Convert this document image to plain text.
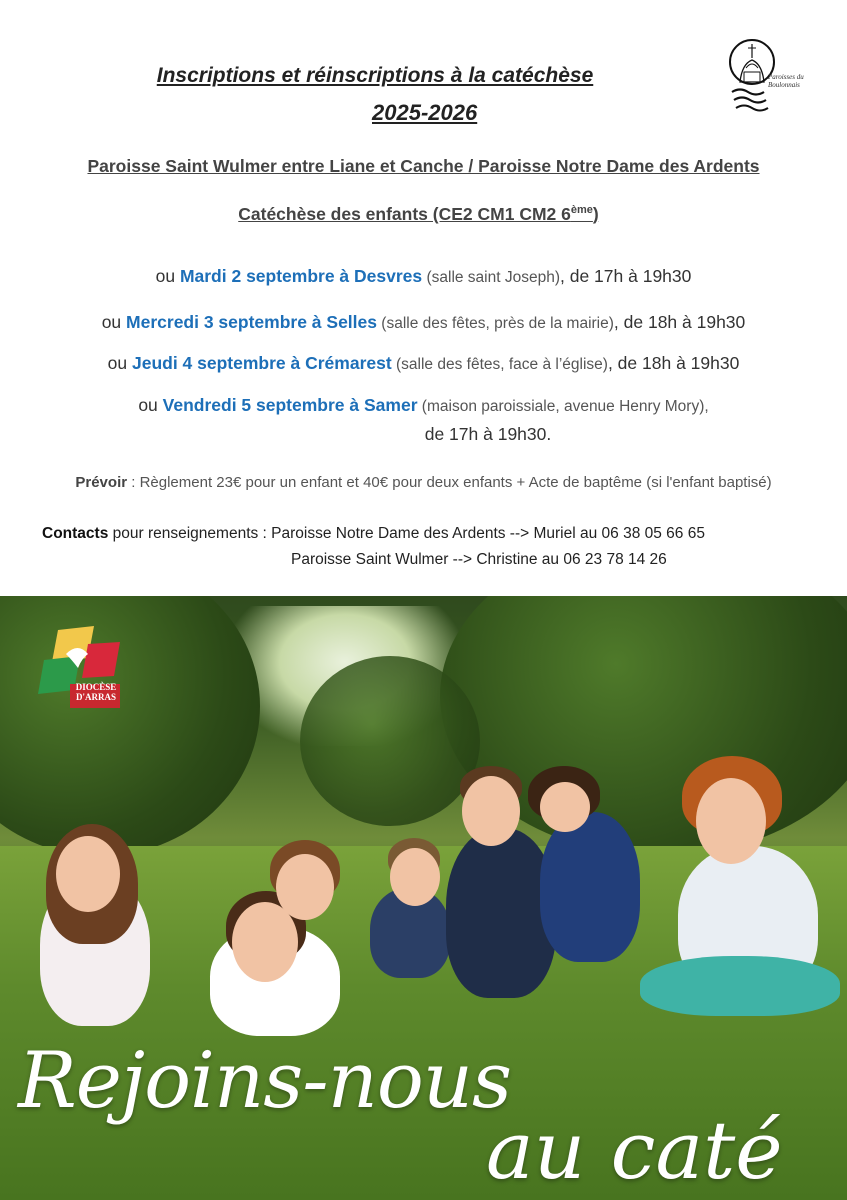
Inscriptions et réinscriptions à la catéchèse
2025-2026
Paroisses du Boulonnais
Paroisse Saint Wulmer entre Liane et Canche / Paroisse Notre Dame des Ardents
Catéchèse des enfants (CE2 CM1 CM2 6ème)
ou Mardi 2 septembre à Desvres (salle saint Joseph), de 17h à 19h30
ou Mercredi 3 septembre à Selles (salle des fêtes, près de la mairie), de 18h à 19h30
ou Jeudi 4 septembre à Crémarest (salle des fêtes, face à l’église), de 18h à 19h30
ou Vendredi 5 septembre à Samer (maison paroissiale, avenue Henry Mory),
de 17h à 19h30.
Prévoir : Règlement 23€ pour un enfant et 40€ pour deux enfants + Acte de baptême (si l'enfant baptisé)
Contacts pour renseignements : Paroisse Notre Dame des Ardents --> Muriel au 06 38 05 66 65
Paroisse Saint Wulmer --> Christine au 06 23 78 14 26
DIOCÈSE
D'ARRAS
Rejoins-nous
au caté
